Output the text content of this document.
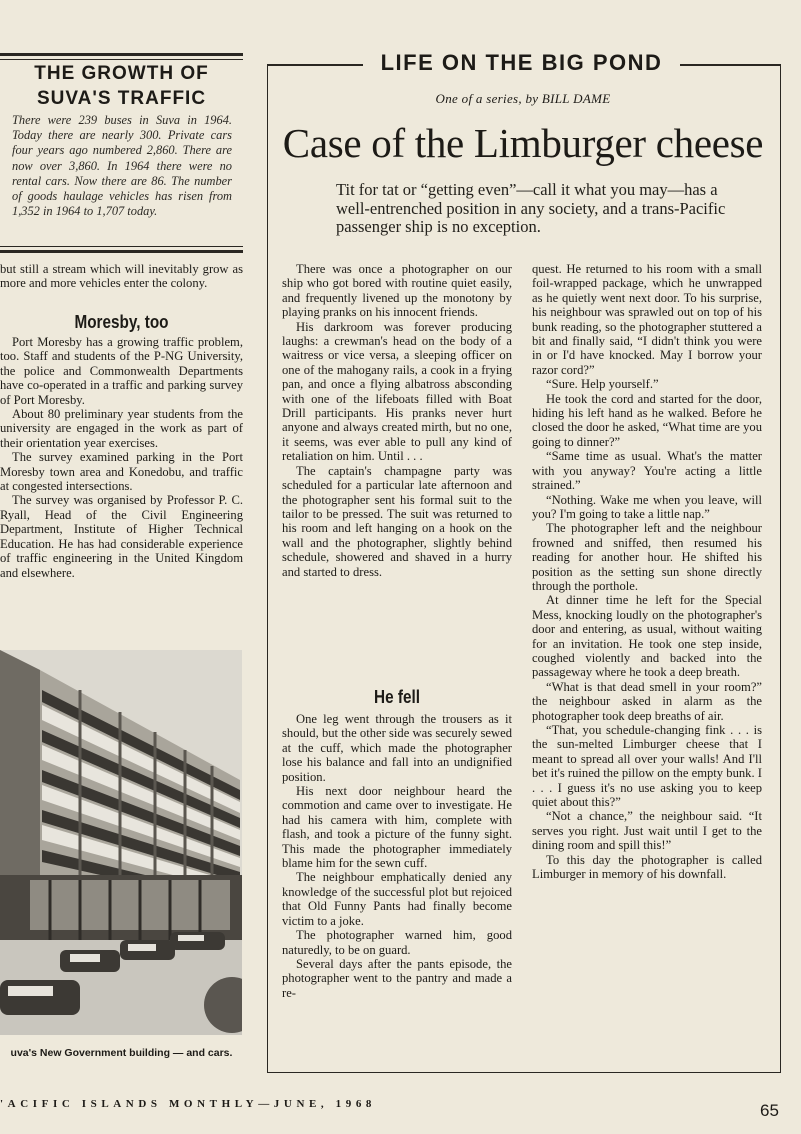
THE GROWTH OF
SUVA'S TRAFFIC
There were 239 buses in Suva in 1964. Today there are nearly 300. Private cars four years ago numbered 2,860. There are now over 3,860. In 1964 there were no rental cars. Now there are 86. The number of goods haulage vehicles has risen from 1,352 in 1964 to 1,707 today.

but still a stream which will inevitably grow as more and more vehicles enter the colony.

Moresby, too

Port Moresby has a growing traffic problem, too. Staff and students of the P-NG University, the police and Commonwealth Departments have co-operated in a traffic and parking survey of Port Moresby.

About 80 preliminary year students from the university are engaged in the work as part of their orientation year exercises.

The survey examined parking in the Port Moresby town area and Konedobu, and traffic at congested intersections.

The survey was organised by Professor P. C. Ryall, Head of the Civil Engineering Department, Institute of Higher Technical Education. He has had considerable experience of traffic engineering in the United Kingdom and elsewhere.

uva's New Government building — and cars.
LIFE ON THE BIG POND
One of a series, by BILL DAME
Case of the Limburger cheese
Tit for tat or “getting even”—call it what you may—has a well-entrenched position in any society, and a trans-Pacific passenger ship is no exception.

There was once a photographer on our ship who got bored with routine quiet easily, and frequently livened up the monotony by playing pranks on his innocent friends.

His darkroom was forever producing laughs: a crewman's head on the body of a waitress or vice versa, a sleeping officer on one of the mahogany rails, a cook in a frying pan, and once a flying albatross absconding with one of the lifeboats filled with Boat Drill participants. His pranks never hurt anyone and always created mirth, but no one, it seems, was ever able to pull any kind of retaliation on him. Until . . .

The captain's champagne party was scheduled for a particular late afternoon and the photographer sent his formal suit to the tailor to be pressed. The suit was returned to his room and left hanging on a hook on the wall and the photographer, slightly behind schedule, showered and shaved in a hurry and started to dress.

He fell

One leg went through the trousers as it should, but the other side was securely sewed at the cuff, which made the photographer lose his balance and fall into an undignified position.

His next door neighbour heard the commotion and came over to investigate. He had his camera with him, complete with flash, and took a picture of the funny sight. This made the photographer immediately blame him for the sewn cuff.

The neighbour emphatically denied any knowledge of the successful plot but rejoiced that Old Funny Pants had finally become victim to a joke.

The photographer warned him, good naturedly, to be on guard.

Several days after the pants episode, the photographer went to the pantry and made a re-

quest. He returned to his room with a small foil-wrapped package, which he unwrapped as he quietly went next door. To his surprise, his neighbour was sprawled out on top of his bunk reading, so the photographer stuttered a bit and finally said, “I didn't think you were in or I'd have knocked. May I borrow your razor cord?”

“Sure. Help yourself.”

He took the cord and started for the door, hiding his left hand as he walked. Before he closed the door he asked, “What time are you going to dinner?”

“Same time as usual. What's the matter with you anyway? You're acting a little strained.”

“Nothing. Wake me when you leave, will you? I'm going to take a little nap.”

The photographer left and the neighbour frowned and sniffed, then resumed his reading for another hour. He shifted his position as the setting sun shone directly through the porthole.

At dinner time he left for the Special Mess, knocking loudly on the photographer's door and entering, as usual, without waiting for an invitation. He took one step inside, coughed violently and backed into the passageway where he took a deep breath.

“What is that dead smell in your room?” the neighbour asked in alarm as the photographer took deep breaths of air.

“That, you schedule-changing fink . . . is the sun-melted Limburger cheese that I meant to spread all over your walls! And I'll bet it's ruined the pillow on the empty bunk. I . . . I guess it's no use asking you to keep quiet about this?”

“Not a chance,” the neighbour said. “It serves you right. Just wait until I get to the dining room and spill this!”

To this day the photographer is called Limburger in memory of his downfall.

'ACIFIC ISLANDS MONTHLY—JUNE, 1968	65
